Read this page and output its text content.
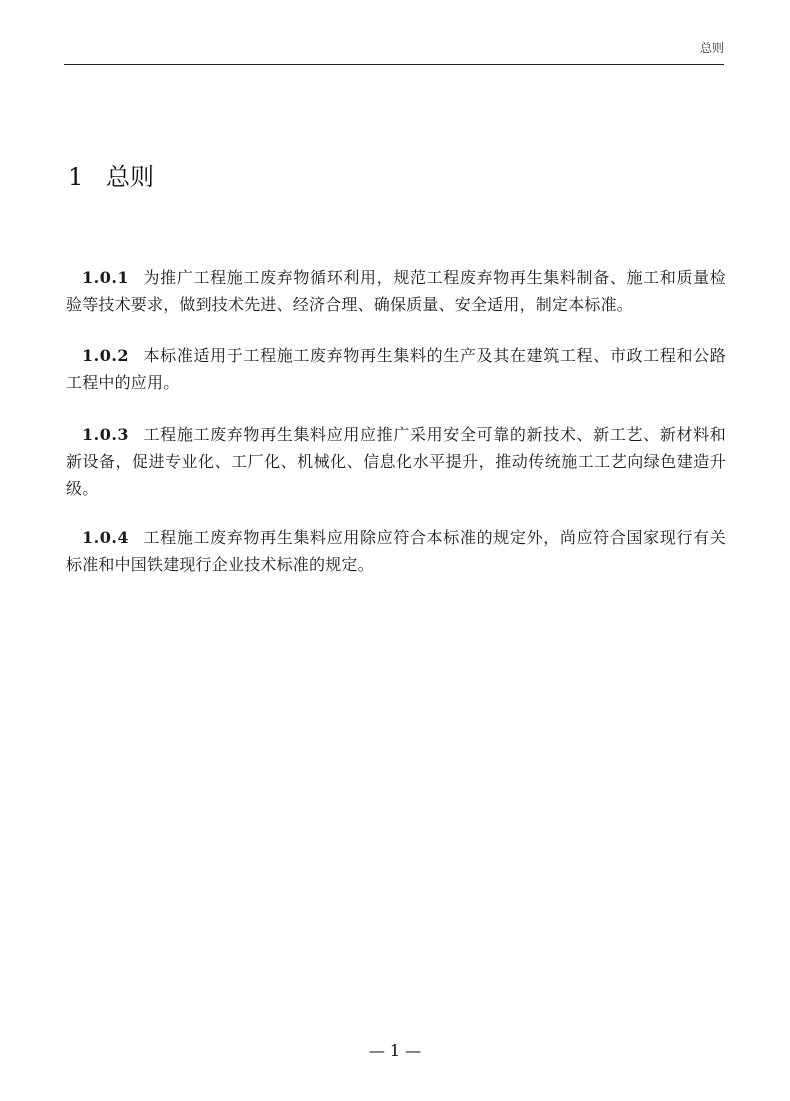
总则
1 总则
1.0.1 为推广工程施工废弃物循环利用，规范工程废弃物再生集料制备、施工和质量检验等技术要求，做到技术先进、经济合理、确保质量、安全适用，制定本标准。
1.0.2 本标准适用于工程施工废弃物再生集料的生产及其在建筑工程、市政工程和公路工程中的应用。
1.0.3 工程施工废弃物再生集料应用应推广采用安全可靠的新技术、新工艺、新材料和新设备，促进专业化、工厂化、机械化、信息化水平提升，推动传统施工工艺向绿色建造升级。
1.0.4 工程施工废弃物再生集料应用除应符合本标准的规定外，尚应符合国家现行有关标准和中国铁建现行企业技术标准的规定。
— 1 —
